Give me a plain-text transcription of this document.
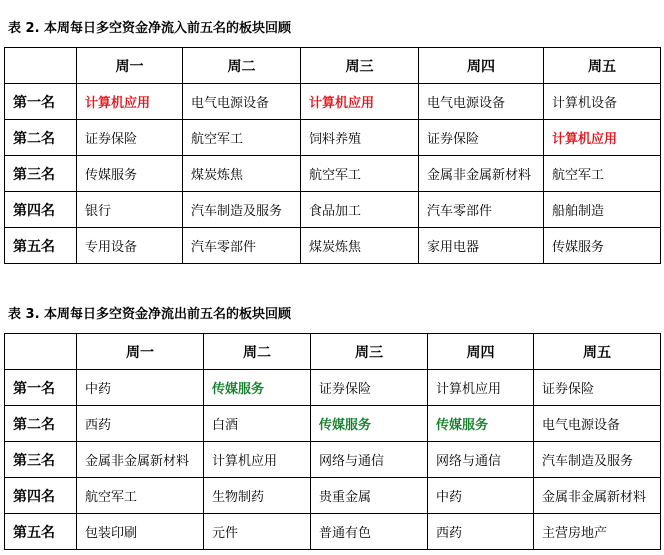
表 2. 本周每日多空资金净流入前五名的板块回顾
	周一	周二	周三	周四	周五
第一名	计算机应用	电气电源设备	计算机应用	电气电源设备	计算机设备
第二名	证券保险	航空军工	饲料养殖	证券保险	计算机应用
第三名	传媒服务	煤炭炼焦	航空军工	金属非金属新材料	航空军工
第四名	银行	汽车制造及服务	食品加工	汽车零部件	船舶制造
第五名	专用设备	汽车零部件	煤炭炼焦	家用电器	传媒服务
表 3. 本周每日多空资金净流出前五名的板块回顾
	周一	周二	周三	周四	周五
第一名	中药	传媒服务	证券保险	计算机应用	证券保险
第二名	西药	白酒	传媒服务	传媒服务	电气电源设备
第三名	金属非金属新材料	计算机应用	网络与通信	网络与通信	汽车制造及服务
第四名	航空军工	生物制药	贵重金属	中药	金属非金属新材料
第五名	包装印刷	元件	普通有色	西药	主营房地产
